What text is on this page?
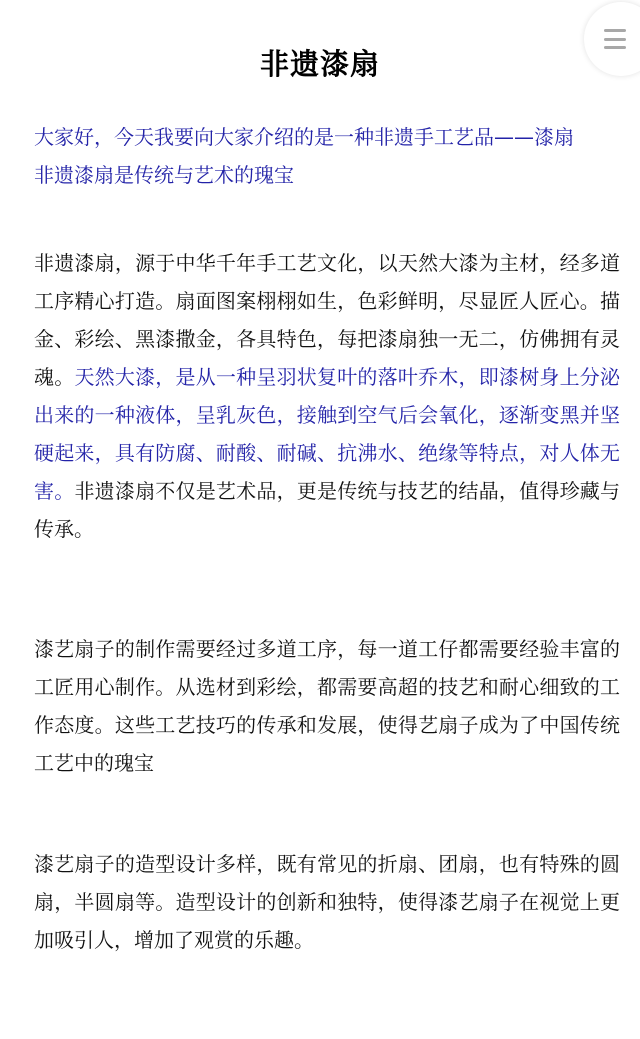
非遗漆扇

大家好，今天我要向大家介绍的是一种非遗手工艺品——漆扇

非遗漆扇是传统与艺术的瑰宝

非遗漆扇，源于中华千年手工艺文化，以天然大漆为主材，经多道工序精心打造。扇面图案栩栩如生，色彩鲜明，尽显匠人匠心。描金、彩绘、黑漆撒金，各具特色，每把漆扇独一无二，仿佛拥有灵魂。天然大漆，是从一种呈羽状复叶的落叶乔木，即漆树身上分泌出来的一种液体，呈乳灰色，接触到空气后会氧化，逐渐变黑并坚硬起来，具有防腐、耐酸、耐碱、抗沸水、绝缘等特点，对人体无害。非遗漆扇不仅是艺术品，更是传统与技艺的结晶，值得珍藏与传承。

漆艺扇子的制作需要经过多道工序，每一道工仔都需要经验丰富的工匠用心制作。从选材到彩绘，都需要高超的技艺和耐心细致的工作态度。这些工艺技巧的传承和发展，使得艺扇子成为了中国传统工艺中的瑰宝

漆艺扇子的造型设计多样，既有常见的折扇、团扇，也有特殊的圆扇，半圆扇等。造型设计的创新和独特，使得漆艺扇子在视觉上更加吸引人，增加了观赏的乐趣。
